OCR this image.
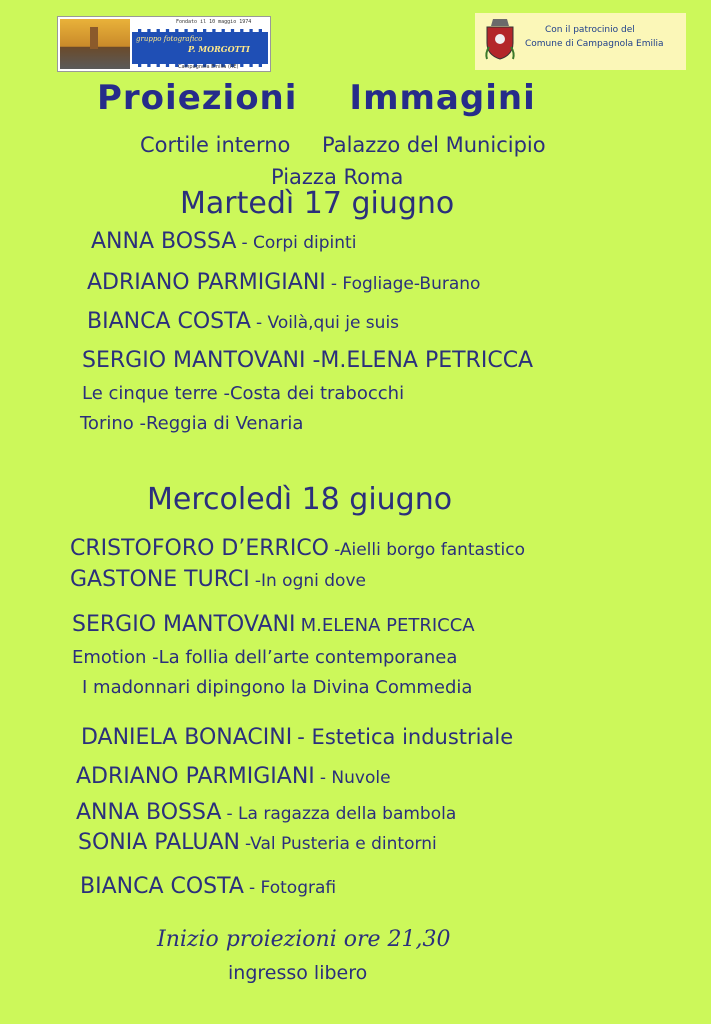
Fondato il 10 maggio 1974
gruppo fotografico
P. MORGOTTI
Campagnola Emilia (RE)
Con il patrocinio del
Comune di Campagnola Emilia
Proiezioni Immagini
Cortile interno Palazzo del Municipio
Piazza Roma
Martedì 17 giugno
ANNA BOSSA - Corpi dipinti
ADRIANO PARMIGIANI - Fogliage-Burano
BIANCA COSTA - Voilà,qui je suis
SERGIO MANTOVANI -M.ELENA PETRICCA
Le cinque terre -Costa dei trabocchi
Torino -Reggia di Venaria
Mercoledì 18 giugno
CRISTOFORO D’ERRICO -Aielli borgo fantastico
GASTONE TURCI -In ogni dove
SERGIO MANTOVANI M.ELENA PETRICCA
Emotion -La follia dell’arte contemporanea
I madonnari dipingono la Divina Commedia
DANIELA BONACINI - Estetica industriale
ADRIANO PARMIGIANI - Nuvole
ANNA BOSSA - La ragazza della bambola
SONIA PALUAN -Val Pusteria e dintorni
BIANCA COSTA - Fotografi
Inizio proiezioni ore 21,30
ingresso libero
